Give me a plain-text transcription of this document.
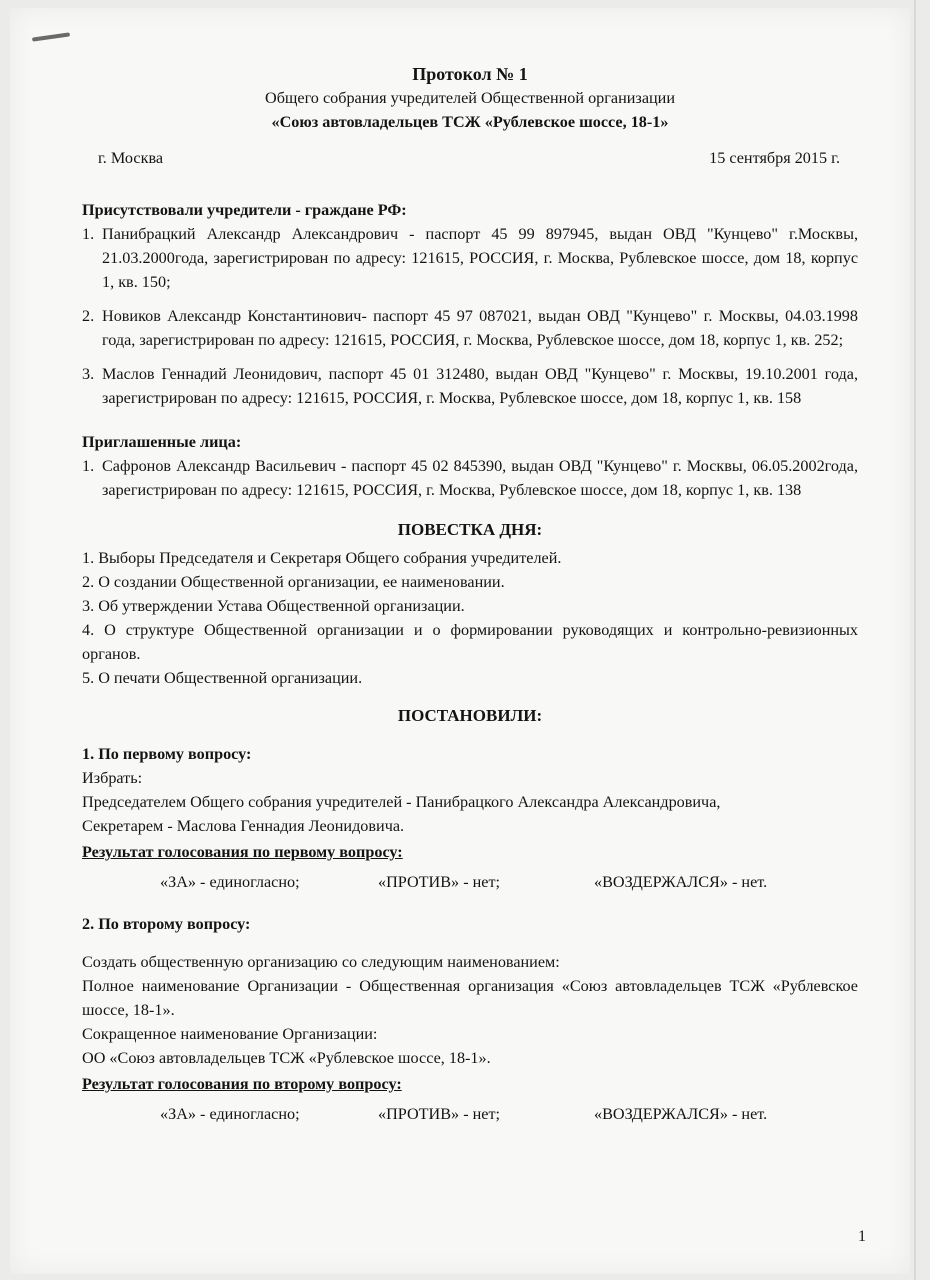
Протокол № 1

Общего собрания учредителей Общественной организации

«Союз автовладельцев ТСЖ «Рублевское шоссе, 18-1»

г. Москва	15 сентября 2015 г.
Присутствовали учредители - граждане РФ:
1. Панибрацкий Александр Александрович - паспорт 45 99 897945, выдан ОВД "Кунцево" г.Москвы, 21.03.2000года, зарегистрирован по адресу: 121615, РОССИЯ, г. Москва, Рублевское шоссе, дом 18, корпус 1, кв. 150;
2. Новиков Александр Константинович- паспорт 45 97 087021, выдан ОВД "Кунцево" г. Москвы, 04.03.1998 года, зарегистрирован по адресу: 121615, РОССИЯ, г. Москва, Рублевское шоссе, дом 18, корпус 1, кв. 252;
3. Маслов Геннадий Леонидович, паспорт 45 01 312480, выдан ОВД "Кунцево" г. Москвы, 19.10.2001 года, зарегистрирован по адресу: 121615, РОССИЯ, г. Москва, Рублевское шоссе, дом 18, корпус 1, кв. 158
Приглашенные лица:
1. Сафронов Александр Васильевич - паспорт 45 02 845390, выдан ОВД "Кунцево" г. Москвы, 06.05.2002года, зарегистрирован по адресу: 121615, РОССИЯ, г. Москва, Рублевское шоссе, дом 18, корпус 1, кв. 138
ПОВЕСТКА ДНЯ:

1. Выборы Председателя и Секретаря Общего собрания учредителей.

2. О создании Общественной организации, ее наименовании.

3. Об утверждении Устава Общественной организации.

4. О структуре Общественной организации и о формировании руководящих и контрольно-ревизионных органов.

5. О печати Общественной организации.

ПОСТАНОВИЛИ:
1. По первому вопросу:

Избрать:

Председателем Общего собрания учредителей - Панибрацкого Александра Александровича,

Секретарем - Маслова Геннадия Леонидовича.

Результат голосования по первому вопросу:
«ЗА» - единогласно;	«ПРОТИВ» - нет;	«ВОЗДЕРЖАЛСЯ» - нет.
2. По второму вопросу:

Создать общественную организацию со следующим наименованием:

Полное наименование Организации - Общественная организация «Союз автовладельцев ТСЖ «Рублевское шоссе, 18-1».

Сокращенное наименование Организации:

ОО «Союз автовладельцев ТСЖ «Рублевское шоссе, 18-1».

Результат голосования по второму вопросу:
«ЗА» - единогласно;	«ПРОТИВ» - нет;	«ВОЗДЕРЖАЛСЯ» - нет.
1
